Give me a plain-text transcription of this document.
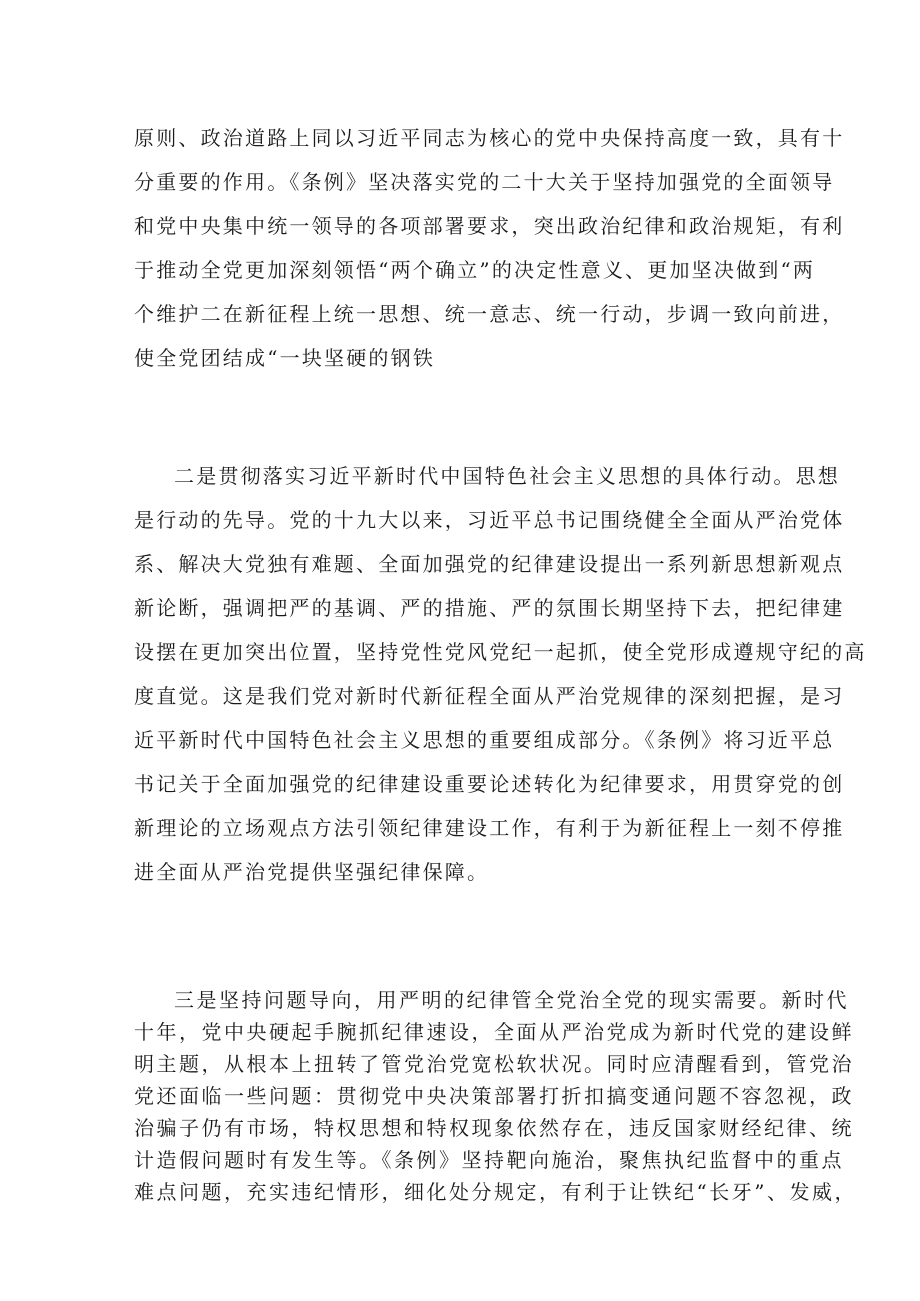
原则、政治道路上同以习近平同志为核心的党中央保持高度一致，具有十
分重要的作用。《条例》坚决落实党的二十大关于坚持加强党的全面领导
和党中央集中统一领导的各项部署要求，突出政治纪律和政治规矩，有利
于推动全党更加深刻领悟“两个确立”的决定性意义、更加坚决做到“两
个维护二在新征程上统一思想、统一意志、统一行动，步调一致向前进，
使全党团结成“一块坚硬的钢铁
二是贯彻落实习近平新时代中国特色社会主义思想的具体行动。思想
是行动的先导。党的十九大以来，习近平总书记围绕健全全面从严治党体
系、解决大党独有难题、全面加强党的纪律建设提出一系列新思想新观点
新论断，强调把严的基调、严的措施、严的氛围长期坚持下去，把纪律建
设摆在更加突出位置，坚持党性党风党纪一起抓，使全党形成遵规守纪的高
度直觉。这是我们党对新时代新征程全面从严治党规律的深刻把握，是习
近平新时代中国特色社会主义思想的重要组成部分。《条例》将习近平总
书记关于全面加强党的纪律建设重要论述转化为纪律要求，用贯穿党的创
新理论的立场观点方法引领纪律建设工作，有利于为新征程上一刻不停推
进全面从严治党提供坚强纪律保障。
三是坚持问题导向，用严明的纪律管全党治全党的现实需要。新时代
十年，党中央硬起手腕抓纪律速设，全面从严治党成为新时代党的建设鲜
明主题，从根本上扭转了管党治党宽松软状况。同时应清醒看到，管党治
党还面临一些问题：贯彻党中央决策部署打折扣搞变通问题不容忽视，政
治骗子仍有市场，特权思想和特权现象依然存在，违反国家财经纪律、统
计造假问题时有发生等。《条例》坚持靶向施治，聚焦执纪监督中的重点
难点问题，充实违纪情形，细化处分规定，有利于让铁纪“长牙”、发威，
